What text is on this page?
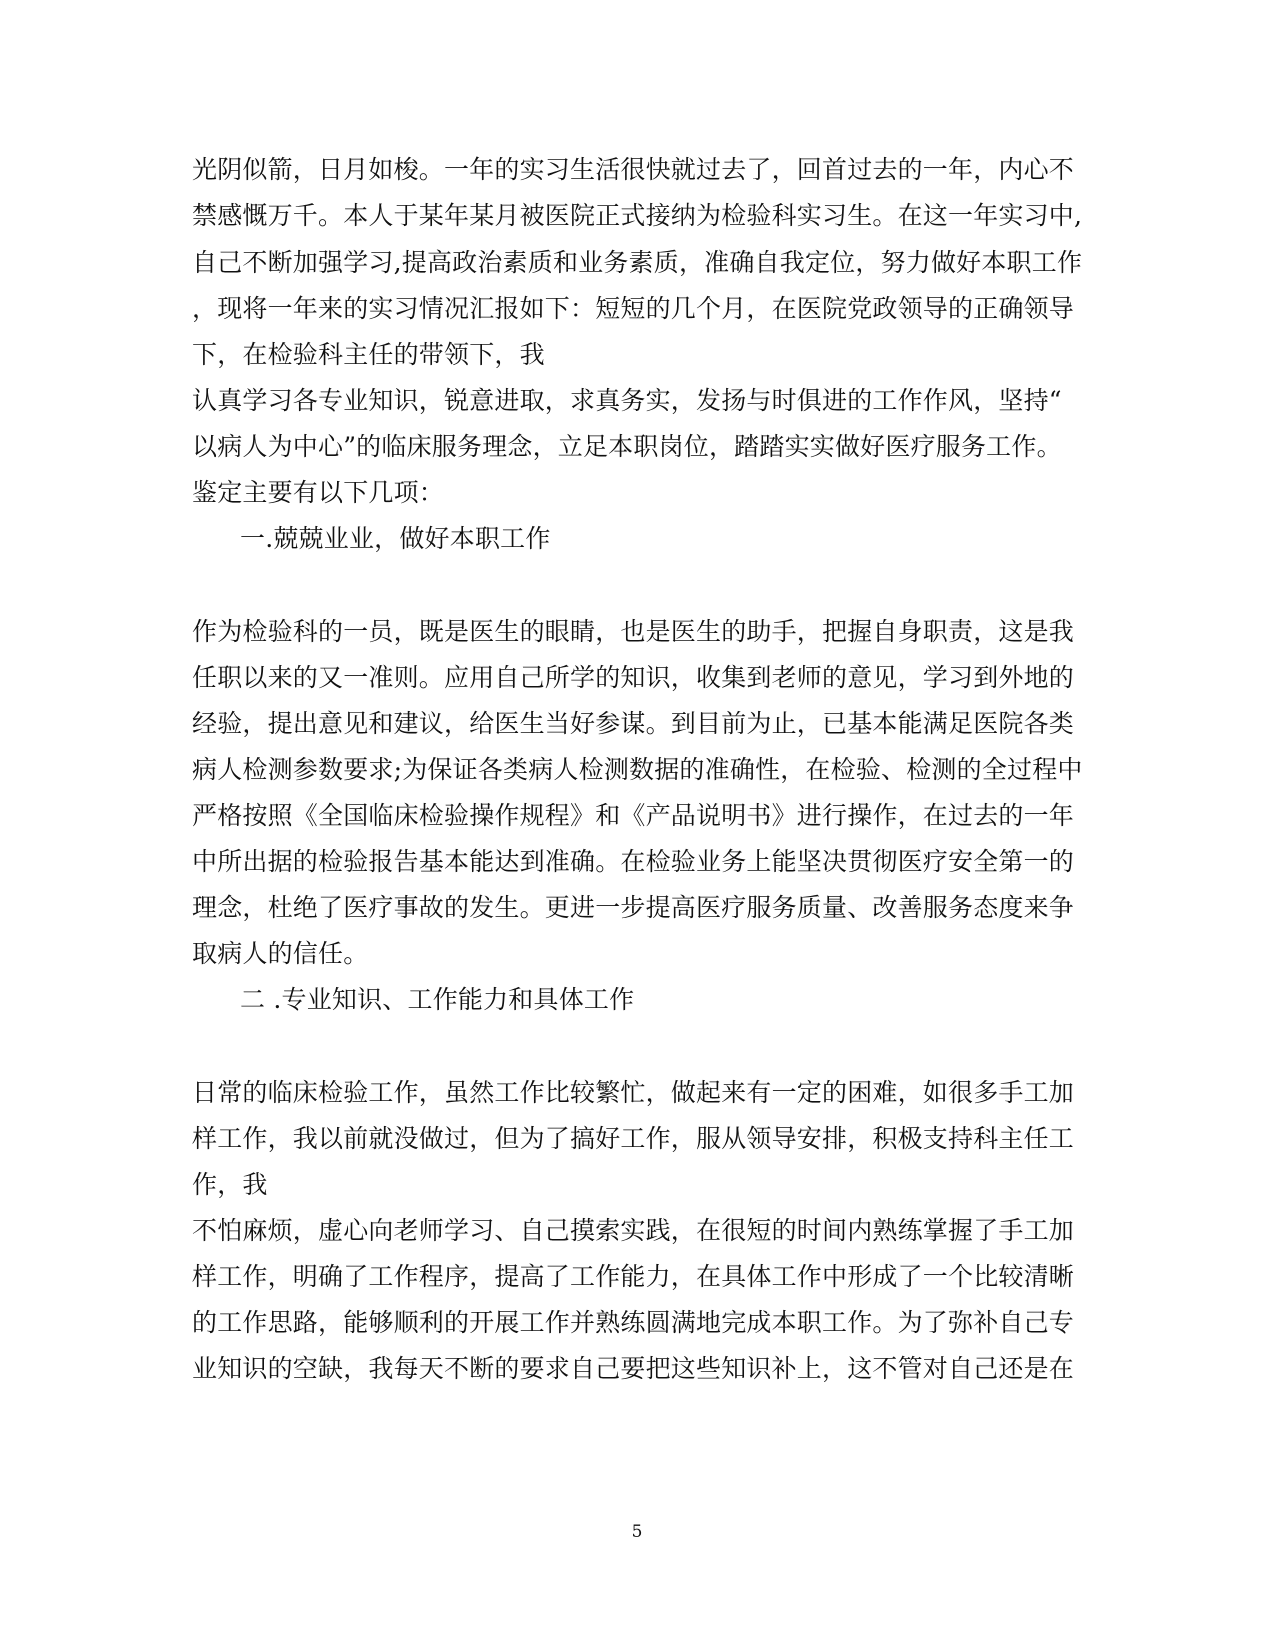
光阴似箭，日月如梭。一年的实习生活很快就过去了，回首过去的一年，内心不
禁感慨万千。本人于某年某月被医院正式接纳为检验科实习生。在这一年实习中,
自己不断加强学习,提高政治素质和业务素质，准确自我定位，努力做好本职工作
，现将一年来的实习情况汇报如下：短短的几个月，在医院党政领导的正确领导
下，在检验科主任的带领下，我
认真学习各专业知识，锐意进取，求真务实，发扬与时俱进的工作作风，坚持“
以病人为中心”的临床服务理念，立足本职岗位，踏踏实实做好医疗服务工作。
鉴定主要有以下几项：
一.兢兢业业，做好本职工作
作为检验科的一员，既是医生的眼睛，也是医生的助手，把握自身职责，这是我
任职以来的又一准则。应用自己所学的知识，收集到老师的意见，学习到外地的
经验，提出意见和建议，给医生当好参谋。到目前为止，已基本能满足医院各类
病人检测参数要求;为保证各类病人检测数据的准确性，在检验、检测的全过程中
严格按照《全国临床检验操作规程》和《产品说明书》进行操作，在过去的一年
中所出据的检验报告基本能达到准确。在检验业务上能坚决贯彻医疗安全第一的
理念，杜绝了医疗事故的发生。更进一步提高医疗服务质量、改善服务态度来争
取病人的信任。
二 .专业知识、工作能力和具体工作
日常的临床检验工作，虽然工作比较繁忙，做起来有一定的困难，如很多手工加
样工作，我以前就没做过，但为了搞好工作，服从领导安排，积极支持科主任工
作，我
不怕麻烦，虚心向老师学习、自己摸索实践，在很短的时间内熟练掌握了手工加
样工作，明确了工作程序，提高了工作能力，在具体工作中形成了一个比较清晰
的工作思路，能够顺利的开展工作并熟练圆满地完成本职工作。为了弥补自己专
业知识的空缺，我每天不断的要求自己要把这些知识补上，这不管对自己还是在
5
